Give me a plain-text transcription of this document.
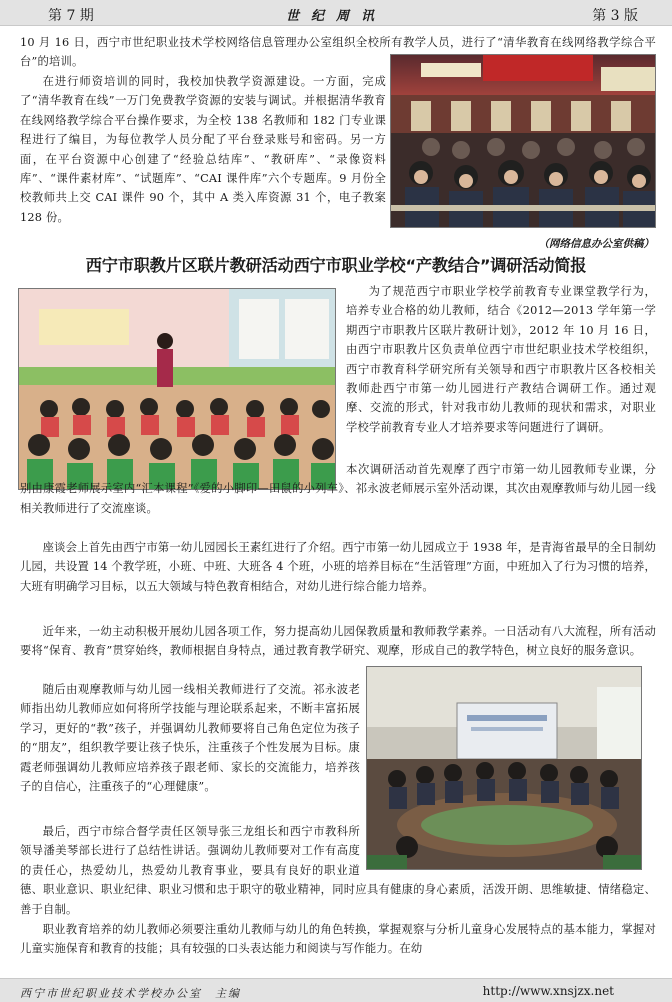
第 7 期	世纪周讯	第 3 版
10 月 16 日，西宁市世纪职业技术学校网络信息管理办公室组织全校所有教学人员，进行了“清华教育在线网络教学综合平台”的培训。
在进行师资培训的同时，我校加快教学资源建设。一方面，完成了“清华教育在线”一万门免费教学资源的安装与调试。并根据清华教育在线网络教学综合平台操作要求，为全校 138 名教师和 182 门专业课程进行了编目，为每位教学人员分配了平台登录账号和密码。另一方面，在平台资源中心创建了“经验总结库”、“教研库”、“录像资料库”、“课件素材库”、“试题库”、“CAI 课件库”六个专题库。9 月份全校教师共上交 CAI 课件 90 个，其中 A 类入库资源 31 个，电子教案 128 份。
（网络信息办公室供稿）
西宁市职教片区联片教研活动西宁市职业学校“产教结合”调研活动简报
为了规范西宁市职业学校学前教育专业课堂教学行为，培养专业合格的幼儿教师，结合《2012—2013 学年第一学期西宁市职教片区联片教研计划》，2012 年 10 月 16 日，由西宁市职教片区负责单位西宁市世纪职业技术学校组织，西宁市教育科学研究所有关领导和西宁市职教片区各校相关教师赴西宁市第一幼儿园进行产教结合调研工作。通过观摩、交流的形式，针对我市幼儿教师的现状和需求，对职业学校学前教育专业人才培养要求等问题进行了调研。
本次调研活动首先观摩了西宁市第一幼儿园教师专业课，分别由康霞老师展示室内“汇本课程”《爱的小脚印—田鼠的小列车》、祁永波老师展示室外活动课，其次由观摩教师与幼儿园一线相关教师进行了交流座谈。
座谈会上首先由西宁市第一幼儿园园长王素红进行了介绍。西宁市第一幼儿园成立于 1938 年，是青海省最早的全日制幼儿园，共设置 14 个教学班，小班、中班、大班各 4 个班，小班的培养目标在“生活管理”方面，中班加入了行为习惯的培养，大班有明确学习目标，以五大领域与特色教育相结合，对幼儿进行综合能力培养。
近年来，一幼主动积极开展幼儿园各项工作，努力提高幼儿园保教质量和教师教学素养。一日活动有八大流程，所有活动要将“保育、教育”贯穿始终，教师根据自身特点，通过教育教学研究、观摩，形成自己的教学特色，树立良好的服务意识。
随后由观摩教师与幼儿园一线相关教师进行了交流。祁永波老师指出幼儿教师应如何将所学技能与理论联系起来，不断丰富拓展学习，更好的“教”孩子，并强调幼儿教师要将自己角色定位为孩子的“朋友”，组织教学要让孩子快乐，注重孩子个性发展为目标。康霞老师强调幼儿教师应培养孩子跟老师、家长的交流能力，培养孩子的自信心，注重孩子的“心理健康”。
最后，西宁市综合督学责任区领导张三龙组长和西宁市教科所领导潘美琴部长进行了总结性讲话。强调幼儿教师要对工作有高度的责任心，热爱幼儿，热爱幼儿教育事业，要具有良好的职业道德、职业意识、职业纪律、职业习惯和忠于职守的敬业精神，同时应具有健康的身心素质，活泼开朗、思维敏捷、情绪稳定、善于自制。
职业教育培养的幼儿教师必须要注重幼儿教师与幼儿的角色转换，掌握观察与分析儿童身心发展特点的基本能力，掌握对儿童实施保育和教育的技能；具有较强的口头表达能力和阅读与写作能力。在幼
西宁市世纪职业技术学校办公室　主编	http://www.xnsjzx.net
